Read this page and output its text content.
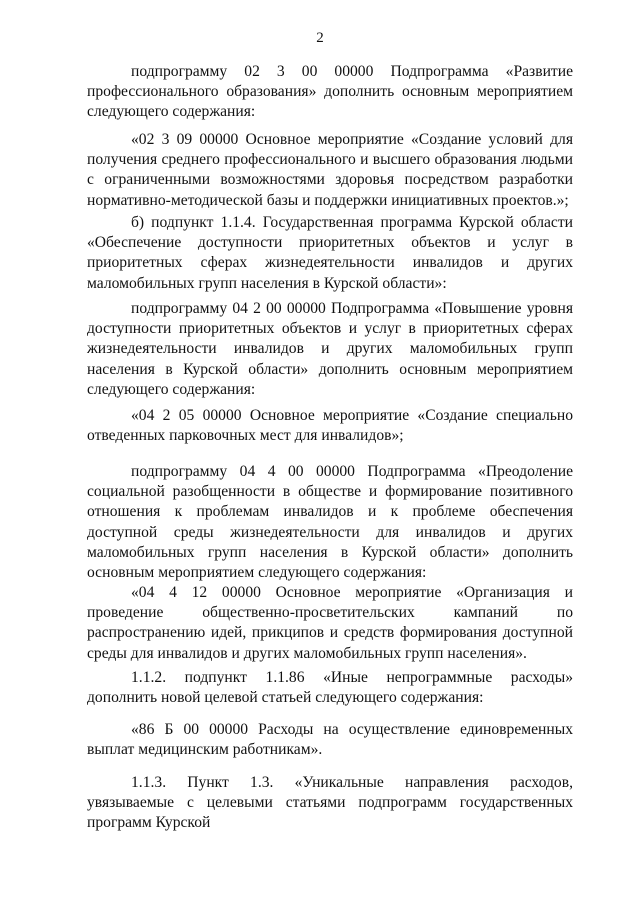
2

подпрограмму 02 3 00 00000 Подпрограмма «Развитие профессионального образования» дополнить основным мероприятием следующего содержания:

«02 3 09 00000 Основное мероприятие «Создание условий для получения среднего профессионального и высшего образования людьми с ограниченными возможностями здоровья посредством разработки нормативно-методической базы и поддержки инициативных проектов.»;

б) подпункт 1.1.4. Государственная программа Курской области «Обеспечение доступности приоритетных объектов и услуг в приоритетных сферах жизнедеятельности инвалидов и других маломобильных групп населения в Курской области»:

подпрограмму 04 2 00 00000 Подпрограмма «Повышение уровня доступности приоритетных объектов и услуг в приоритетных сферах жизнедеятельности инвалидов и других маломобильных групп населения в Курской области» дополнить основным мероприятием следующего содержания:

«04 2 05 00000 Основное мероприятие «Создание специально отведенных парковочных мест для инвалидов»;

подпрограмму 04 4 00 00000 Подпрограмма «Преодоление социальной разобщенности в обществе и формирование позитивного отношения к проблемам инвалидов и к проблеме обеспечения доступной среды жизнедеятельности для инвалидов и других маломобильных групп населения в Курской области» дополнить основным мероприятием следующего содержания:

«04 4 12 00000 Основное мероприятие «Организация и проведение общественно-просветительских кампаний по распространению идей, прикципов и средств формирования доступной среды для инвалидов и других маломобильных групп населения».

1.1.2. подпункт 1.1.86 «Иные непрограммные расходы» дополнить новой целевой статьей следующего содержания:

«86 Б 00 00000 Расходы на осуществление единовременных выплат медицинским работникам».

1.1.3. Пункт 1.3. «Уникальные направления расходов, увязываемые с целевыми статьями подпрограмм государственных программ Курской
